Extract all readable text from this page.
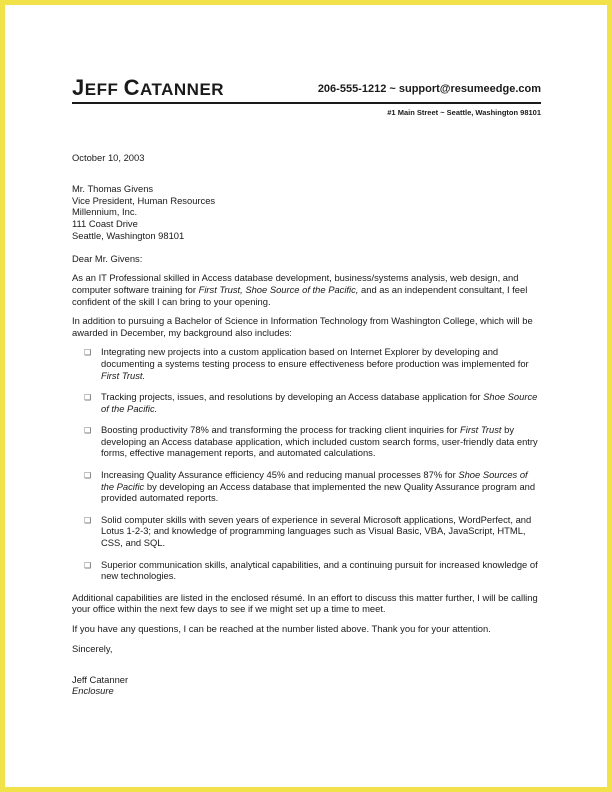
JEFF CATANNER	206-555-1212 ~ support@resumeedge.com
#1 Main Street ~ Seattle, Washington 98101

October 10, 2003

Mr. Thomas Givens
Vice President, Human Resources
Millennium, Inc.
111 Coast Drive
Seattle, Washington 98101

Dear Mr. Givens:

As an IT Professional skilled in Access database development, business/systems analysis, web design, and computer software training for First Trust, Shoe Source of the Pacific, and as an independent consultant, I feel confident of the skill I can bring to your opening.

In addition to pursuing a Bachelor of Science in Information Technology from Washington College, which will be awarded in December, my background also includes:

❑ Integrating new projects into a custom application based on Internet Explorer by developing and documenting a systems testing process to ensure effectiveness before production was implemented for First Trust.
❑ Tracking projects, issues, and resolutions by developing an Access database application for Shoe Source of the Pacific.
❑ Boosting productivity 78% and transforming the process for tracking client inquiries for First Trust by developing an Access database application, which included custom search forms, user-friendly data entry forms, effective management reports, and automated calculations.
❑ Increasing Quality Assurance efficiency 45% and reducing manual processes 87% for Shoe Sources of the Pacific by developing an Access database that implemented the new Quality Assurance program and provided automated reports.
❑ Solid computer skills with seven years of experience in several Microsoft applications, WordPerfect, and Lotus 1-2-3; and knowledge of programming languages such as Visual Basic, VBA, JavaScript, HTML, CSS, and SQL.
❑ Superior communication skills, analytical capabilities, and a continuing pursuit for increased knowledge of new technologies.

Additional capabilities are listed in the enclosed résumé. In an effort to discuss this matter further, I will be calling your office within the next few days to see if we might set up a time to meet.

If you have any questions, I can be reached at the number listed above. Thank you for your attention.

Sincerely,

Jeff Catanner
Enclosure
